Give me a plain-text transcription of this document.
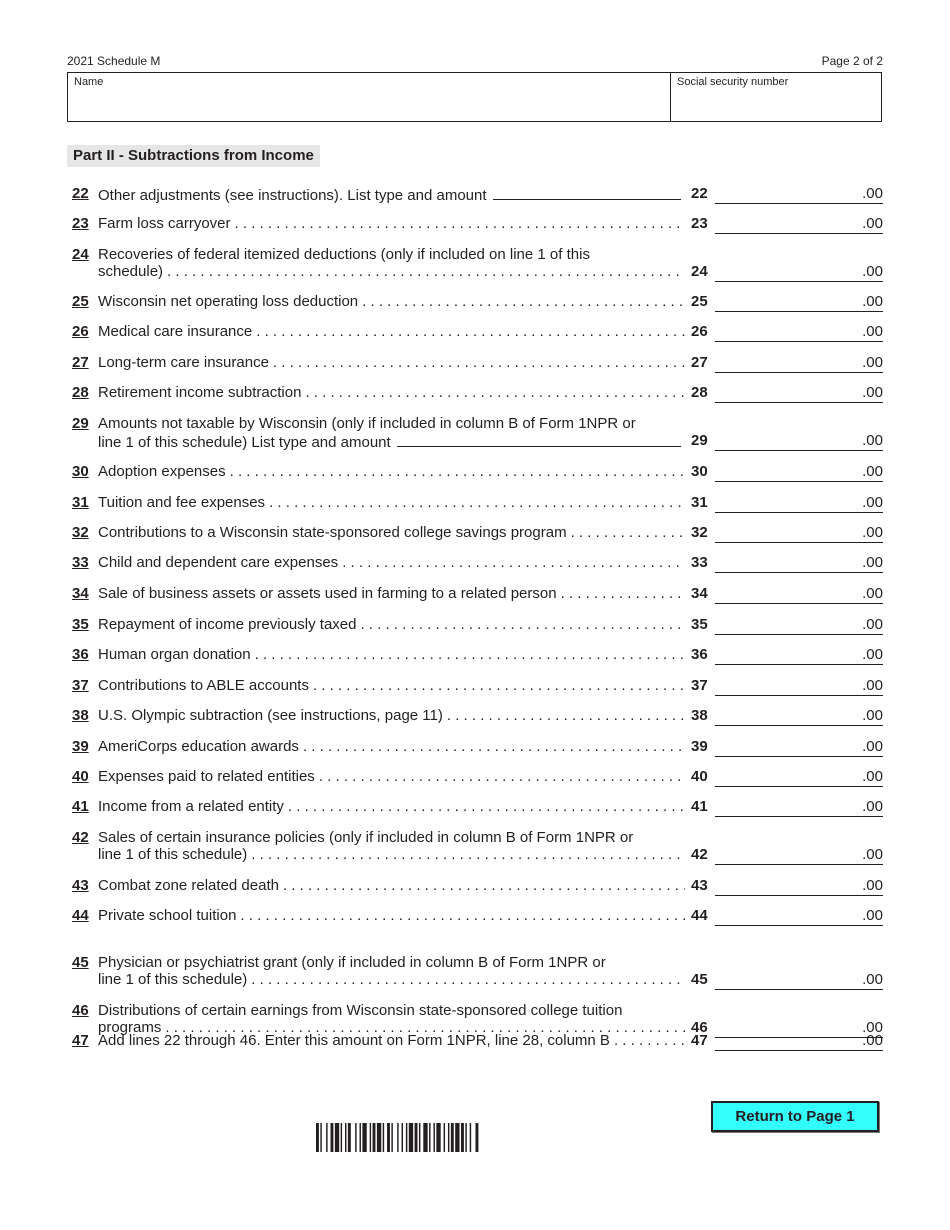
2021 Schedule M	Page 2 of 2
Name	Social security number
Part II - Subtractions from Income
22 Other adjustments (see instructions). List type and amount	22	.00
23 Farm loss carryover . . .	23	.00
24 Recoveries of federal itemized deductions (only if included on line 1 of this
schedule) . . .	24	.00
25 Wisconsin net operating loss deduction . . .	25	.00
26 Medical care insurance . . .	26	.00
27 Long-term care insurance . . .	27	.00
28 Retirement income subtraction . . .	28	.00
29 Amounts not taxable by Wisconsin (only if included in column B of Form 1NPR or
line 1 of this schedule) List type and amount	29	.00
30 Adoption expenses . . .	30	.00
31 Tuition and fee expenses . . .	31	.00
32 Contributions to a Wisconsin state-sponsored college savings program . . .	32	.00
33 Child and dependent care expenses . . .	33	.00
34 Sale of business assets or assets used in farming to a related person . . .	34	.00
35 Repayment of income previously taxed . . .	35	.00
36 Human organ donation . . .	36	.00
37 Contributions to ABLE accounts . . .	37	.00
38 U.S. Olympic subtraction (see instructions, page 11) . . .	38	.00
39 AmeriCorps education awards . . .	39	.00
40 Expenses paid to related entities . . .	40	.00
41 Income from a related entity . . .	41	.00
42 Sales of certain insurance policies (only if included in column B of Form 1NPR or
line 1 of this schedule) . . .	42	.00
43 Combat zone related death . . .	43	.00
44 Private school tuition . . .	44	.00
45 Physician or psychiatrist grant (only if included in column B of Form 1NPR or
line 1 of this schedule) . . .	45	.00
46 Distributions of certain earnings from Wisconsin state-sponsored college tuition
programs . . .	46	.00
47 Add lines 22 through 46. Enter this amount on Form 1NPR, line 28, column B . . .	47	.00
Return to Page 1
